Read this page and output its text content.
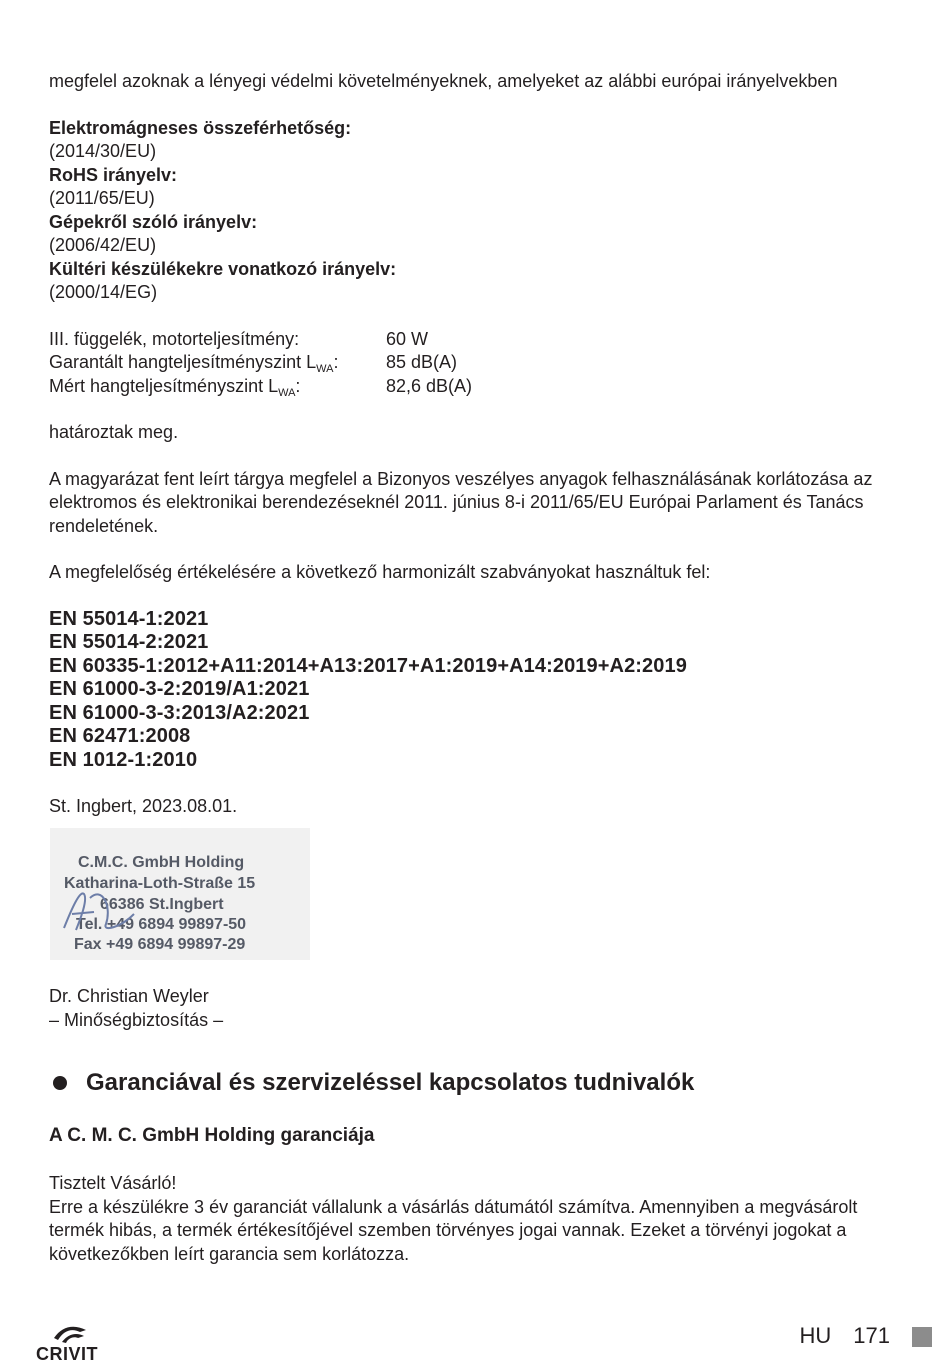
megfelel azoknak a lényegi védelmi követelményeknek, amelyeket az alábbi európai irányelvekben

Elektromágneses összeférhetőség:
(2014/30/EU)
RoHS irányelv:
(2011/65/EU)
Gépekről szóló irányelv:
(2006/42/EU)
Kültéri készülékekre vonatkozó irányelv:
(2000/14/EG)
III. függelék, motorteljesítmény:	60 W
Garantált hangteljesítményszint $L_{WA}$:	85 dB(A)
Mért hangteljesítményszint $L_{WA}$:	82,6 dB(A)

határoztak meg.

A magyarázat fent leírt tárgya megfelel a Bizonyos veszélyes anyagok felhasználásának korlátozása az elektromos és elektronikai berendezéseknél 2011. június 8-i 2011/65/EU Európai Parlament és Tanács rendeletének.

A megfelelőség értékelésére a következő harmonizált szabványokat használtuk fel:

EN 55014-1:2021
EN 55014-2:2021
EN 60335-1:2012+A11:2014+A13:2017+A1:2019+A14:2019+A2:2019
EN 61000-3-2:2019/A1:2021
EN 61000-3-3:2013/A2:2021
EN 62471:2008
EN 1012-1:2010

St. Ingbert, 2023.08.01.

C.M.C. GmbH Holding
Katharina-Loth-Straße 15
66386 St.Ingbert
Tel. +49 6894 99897-50
Fax +49 6894 99897-29
Dr. Christian Weyler
– Minőségbiztosítás –
Garanciával és szervizeléssel kapcsolatos tudnivalók
A C. M. C. GmbH Holding garanciája

Tisztelt Vásárló!

Erre a készülékre 3 év garanciát vállalunk a vásárlás dátumától számítva. Amennyiben a megvásárolt termék hibás, a termék értékesítőjével szemben törvényes jogai vannak. Ezeket a törvényi jogokat a következőkben leírt garancia sem korlátozza.

CRIVIT
HU 171
